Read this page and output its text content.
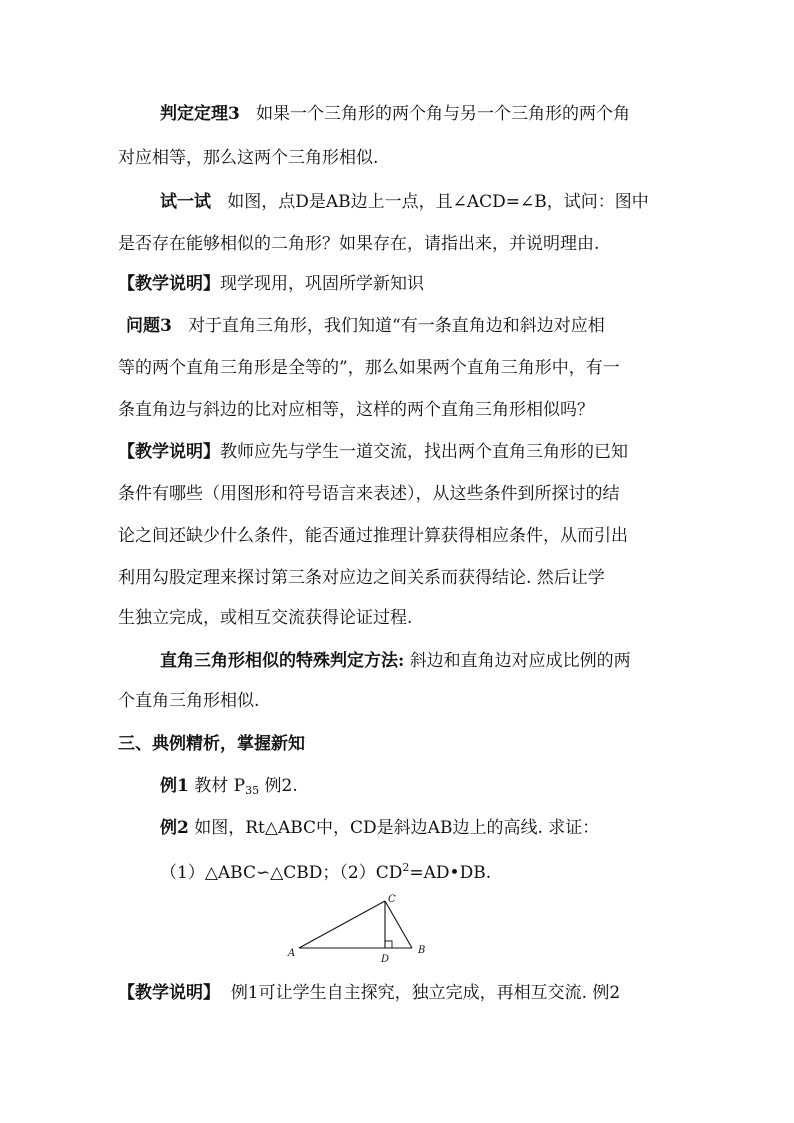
判定定理3 如果一个三角形的两个角与另一个三角形的两个角

对应相等，那么这两个三角形相似.

试一试 如图，点D是AB边上一点，且∠ACD=∠B，试问：图中

是否存在能够相似的二角形？如果存在，请指出来，并说明理由.

【教学说明】现学现用，巩固所学新知识

问题3 对于直角三角形，我们知道“有一条直角边和斜边对应相

等的两个直角三角形是全等的”，那么如果两个直角三角形中，有一

条直角边与斜边的比对应相等，这样的两个直角三角形相似吗？

【教学说明】教师应先与学生一道交流，找出两个直角三角形的已知

条件有哪些（用图形和符号语言来表述），从这些条件到所探讨的结

论之间还缺少什么条件，能否通过推理计算获得相应条件，从而引出

利用勾股定理来探讨第三条对应边之间关系而获得结论. 然后让学

生独立完成，或相互交流获得论证过程.

直角三角形相似的特殊判定方法: 斜边和直角边对应成比例的两

个直角三角形相似.

三、典例精析，掌握新知

例1 教材 $P_{35}$ 例2.

例2 如图，Rt△ABC中，CD是斜边AB边上的高线. 求证：

（1）△ABC∽△CBD；$(2)CD^2=AD•DB$.

A
C
D
B

【教学说明】 例1可让学生自主探究，独立完成，再相互交流. 例2
